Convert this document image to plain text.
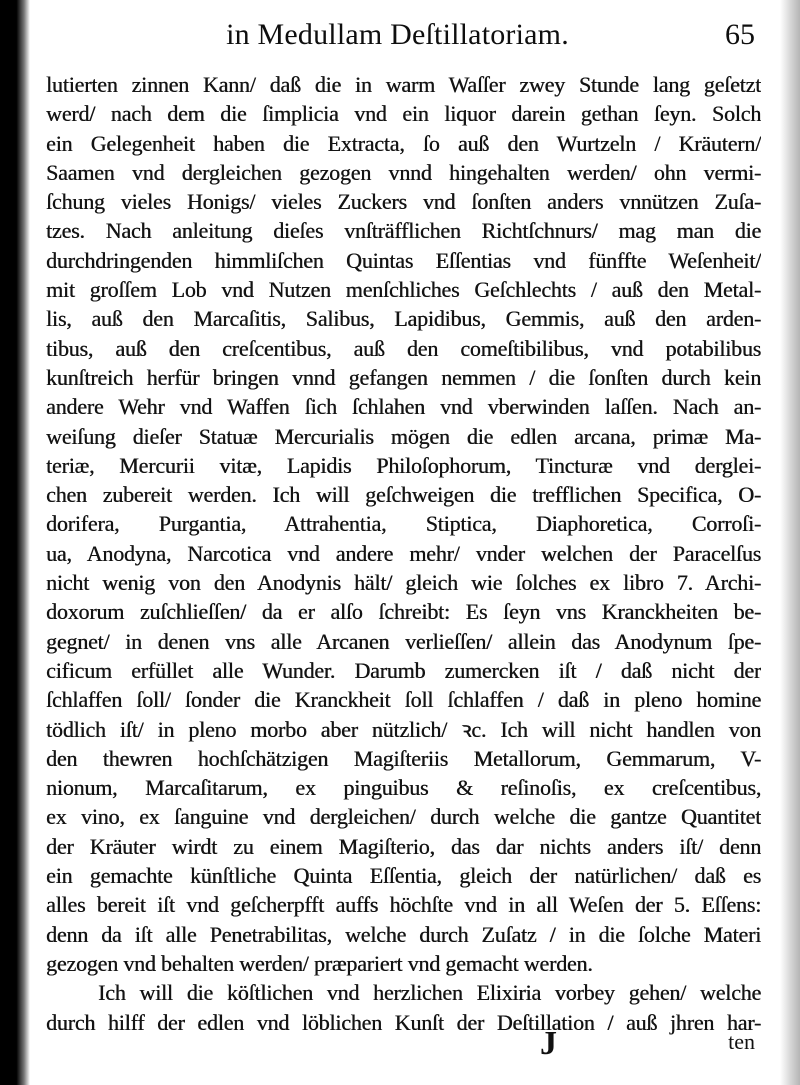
in Medullam Deſtillatoriam.	65
lutierten zinnen Kann/ daß die in warm Waſſer zwey Stunde lang geſetzt
werd/ nach dem die ſimplicia vnd ein liquor darein gethan ſeyn. Solch
ein Gelegenheit haben die Extracta, ſo auß den Wurtzeln / Kräutern/
Saamen vnd dergleichen gezogen vnnd hingehalten werden/ ohn vermi-
ſchung vieles Honigs/ vieles Zuckers vnd ſonſten anders vnnützen Zuſa-
tzes. Nach anleitung dieſes vnſträfflichen Richtſchnurs/ mag man die
durchdringenden himmliſchen Quintas Eſſentias vnd fünffte Weſenheit/
mit groſſem Lob vnd Nutzen menſchliches Geſchlechts / auß den Metal-
lis, auß den Marcaſitis, Salibus, Lapidibus, Gemmis, auß den arden-
tibus, auß den creſcentibus, auß den comeſtibilibus, vnd potabilibus
kunſtreich herfür bringen vnnd gefangen nemmen / die ſonſten durch kein
andere Wehr vnd Waffen ſich ſchlahen vnd vberwinden laſſen. Nach an-
weiſung dieſer Statuæ Mercurialis mögen die edlen arcana, primæ Ma-
teriæ, Mercurii vitæ, Lapidis Philoſophorum, Tincturæ vnd derglei-
chen zubereit werden. Ich will geſchweigen die trefflichen Specifica, O-
dorifera, Purgantia, Attrahentia, Stiptica, Diaphoretica, Corroſi-
ua, Anodyna, Narcotica vnd andere mehr/ vnder welchen der Paracelſus
nicht wenig von den Anodynis hält/ gleich wie ſolches ex libro 7. Archi-
doxorum zuſchlieſſen/ da er alſo ſchreibt: Es ſeyn vns Kranckheiten be-
gegnet/ in denen vns alle Arcanen verlieſſen/ allein das Anodynum ſpe-
cificum erfüllet alle Wunder. Darumb zumercken iſt / daß nicht der
ſchlaffen ſoll/ ſonder die Kranckheit ſoll ſchlaffen / daß in pleno homine
tödlich iſt/ in pleno morbo aber nützlich/ ꝛc. Ich will nicht handlen von
den thewren hochſchätzigen Magiſteriis Metallorum, Gemmarum, V-
nionum, Marcaſitarum, ex pinguibus & reſinoſis, ex creſcentibus,
ex vino, ex ſanguine vnd dergleichen/ durch welche die gantze Quantitet
der Kräuter wirdt zu einem Magiſterio, das dar nichts anders iſt/ denn
ein gemachte künſtliche Quinta Eſſentia, gleich der natürlichen/ daß es
alles bereit iſt vnd geſcherpfft auffs höchſte vnd in all Weſen der 5. Eſſens:
denn da iſt alle Penetrabilitas, welche durch Zuſatz / in die ſolche Materi
gezogen vnd behalten werden/ præpariert vnd gemacht werden.
Ich will die köſtlichen vnd herzlichen Elixiria vorbey gehen/ welche
durch hilff der edlen vnd löblichen Kunſt der Deſtillation / auß jhren har-
J	ten
